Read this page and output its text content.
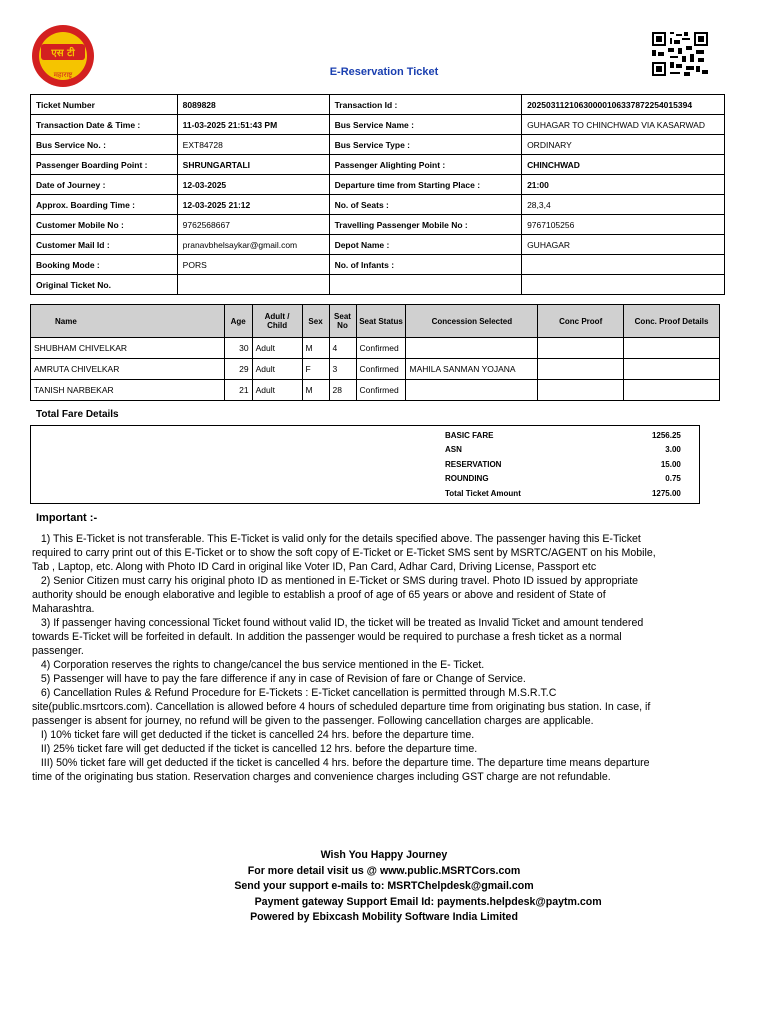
एस टी
महाराष्ट्र	E-Reservation Ticket
Ticket Number	8089828	Transaction Id :	20250311210630000106337872254015394
Transaction Date & Time :	11-03-2025 21:51:43 PM	Bus Service Name :	GUHAGAR TO CHINCHWAD VIA KASARWAD
Bus Service No. :	EXT84728	Bus Service Type :	ORDINARY
Passenger Boarding Point :	SHRUNGARTALI	Passenger Alighting Point :	CHINCHWAD
Date of Journey :	12-03-2025	Departure time from Starting Place :	21:00
Approx. Boarding Time :	12-03-2025 21:12	No. of Seats :	28,3,4
Customer Mobile No :	9762568667	Travelling Passenger Mobile No :	9767105256
Customer Mail Id :	pranavbhelsaykar@gmail.com	Depot Name :	GUHAGAR
Booking Mode :	PORS	No. of Infants :	
Original Ticket No.			
Name	Age	Adult / Child	Sex	Seat No	Seat Status	Concession Selected	Conc Proof	Conc. Proof Details
SHUBHAM CHIVELKAR	30	Adult	M	4	Confirmed			
AMRUTA CHIVELKAR	29	Adult	F	3	Confirmed	MAHILA SANMAN YOJANA		
TANISH NARBEKAR	21	Adult	M	28	Confirmed			
Total Fare Details
BASIC FARE	1256.25
ASN	3.00
RESERVATION	15.00
ROUNDING	0.75
Total Ticket Amount	1275.00
Important :-

1) This E-Ticket is not transferable. This E-Ticket is valid only for the details specified above. The passenger having this E-Ticket required to carry print out of this E-Ticket or to show the soft copy of E-Ticket or E-Ticket SMS sent by MSRTC/AGENT on his Mobile, Tab , Laptop, etc. Along with Photo ID Card in original like Voter ID, Pan Card, Adhar Card, Driving License, Passport etc

2) Senior Citizen must carry his original photo ID as mentioned in E-Ticket or SMS during travel. Photo ID issued by appropriate authority should be enough elaborative and legible to establish a proof of age of 65 years or above and resident of State of Maharashtra.

3) If passenger having concessional Ticket found without valid ID, the ticket will be treated as Invalid Ticket and amount tendered towards E-Ticket will be forfeited in default. In addition the passenger would be required to purchase a fresh ticket as a normal passenger.

4) Corporation reserves the rights to change/cancel the bus service mentioned in the E- Ticket.

5) Passenger will have to pay the fare difference if any in case of Revision of fare or Change of Service.

6) Cancellation Rules & Refund Procedure for E-Tickets : E-Ticket cancellation is permitted through M.S.R.T.C site(public.msrtcors.com). Cancellation is allowed before 4 hours of scheduled departure time from originating bus station. In case, if passenger is absent for journey, no refund will be given to the passenger. Following cancellation charges are applicable.

I) 10% ticket fare will get deducted if the ticket is cancelled 24 hrs. before the departure time.

II) 25% ticket fare will get deducted if the ticket is cancelled 12 hrs. before the departure time.

III) 50% ticket fare will get deducted if the ticket is cancelled 4 hrs. before the departure time. The departure time means departure time of the originating bus station. Reservation charges and convenience charges including GST charge are not refundable.

Wish You Happy Journey
For more detail visit us @ www.public.MSRTCors.com
Send your support e-mails to: MSRTChelpdesk@gmail.com
Payment gateway Support Email Id: payments.helpdesk@paytm.com
Powered by Ebixcash Mobility Software India Limited
